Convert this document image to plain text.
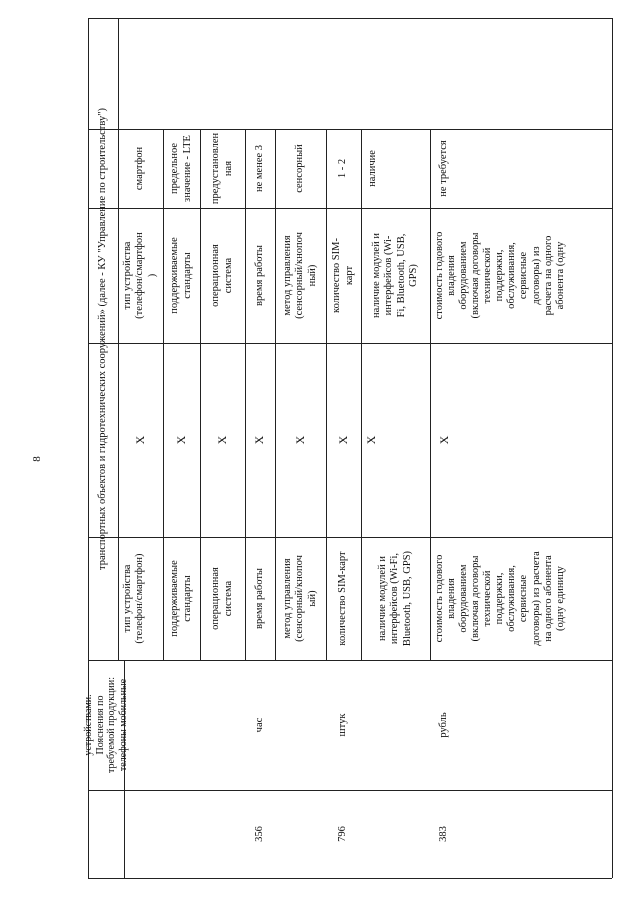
8	транспортных объектов и гидротехнических сооружений» (далее - КУ "Управление по строительству")
устройствами.
Пояснения по
требуемой продукции:
телефоны мобильные
тип устройства
(телефон/смартфон
)
X
тип устройства
(телефон/смартфон)
смартфон
поддерживаемые
стандарты
X
поддерживаемые
стандарты
предельное
значение - LTE
операционная
система
X
операционная
система
предустановлен
ная
356
час
время работы
X
время работы
не менее 3
метод управления
(сенсорный/кнопоч
ный)
X
метод управления
(сенсорный/кнопоч
ый)
сенсорный
796
штук
количество SIM-
карт
X
количество SIM-карт
1 - 2
наличие модулей и
интерфейсов (Wi-
Fi, Bluetooth, USB,
GPS)
X
наличие модулей и
интерфейсов (Wi-Fi,
Bluetooth, USB, GPS)
наличие
383
рубль
стоимость годового
владения
оборудованием
(включая договоры
технической
поддержки,
обслуживания,
сервисные
договоры) из
расчета на одного
абонента (одну
X
стоимость годового
владения
оборудованием
(включая договоры
технической
поддержки,
обслуживания,
сервисные
договоры) из расчета
на одного абонента
(одну единицу
не требуется
